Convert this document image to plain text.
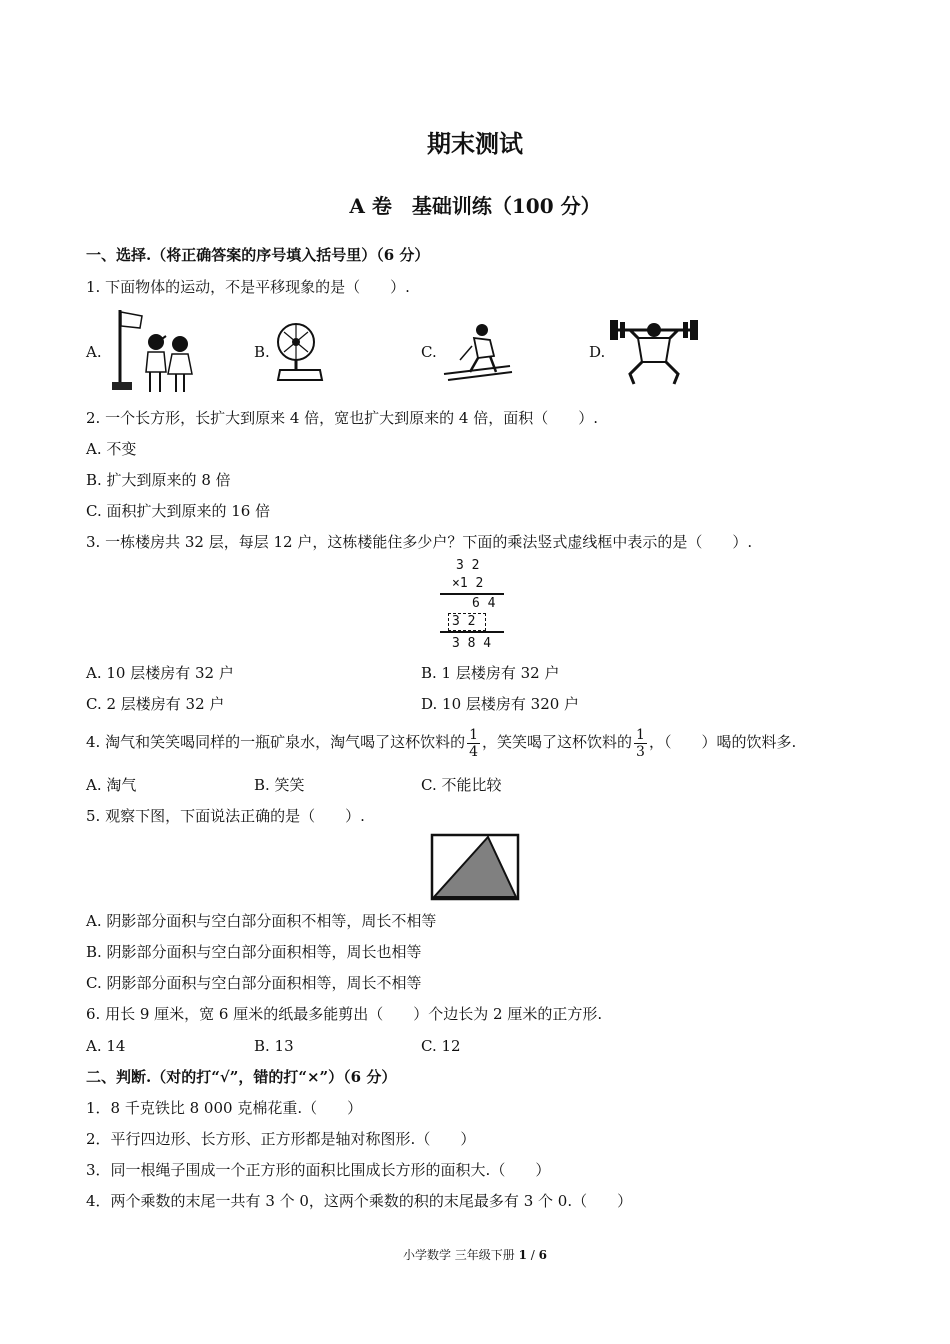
期末测试
A 卷　基础训练（100 分）
一、选择.（将正确答案的序号填入括号里）（6 分）
1. 下面物体的运动，不是平移现象的是（　　）.
A.	B.	C.	D.
2. 一个长方形，长扩大到原来 4 倍，宽也扩大到原来的 4 倍，面积（　　）.
A. 不变
B. 扩大到原来的 8 倍
C. 面积扩大到原来的 16 倍
3. 一栋楼房共 32 层，每层 12 户，这栋楼能住多少户？下面的乘法竖式虚线框中表示的是（　　）.
3 2
×1 2
6 4
3 2
3 8 4
A. 10 层楼房有 32 户	B. 1 层楼房有 32 户
C. 2 层楼房有 32 户	D. 10 层楼房有 320 户
4. 淘气和笑笑喝同样的一瓶矿泉水，淘气喝了这杯饮料的 $\frac{1}{4}$ ，笑笑喝了这杯饮料的 $\frac{1}{3}$ ，（　　）喝的饮料多.
A. 淘气	B. 笑笑	C. 不能比较
5. 观察下图，下面说法正确的是（　　）.
A. 阴影部分面积与空白部分面积不相等，周长不相等
B. 阴影部分面积与空白部分面积相等，周长也相等
C. 阴影部分面积与空白部分面积相等，周长不相等
6. 用长 9 厘米，宽 6 厘米的纸最多能剪出（　　）个边长为 2 厘米的正方形.
A. 14	B. 13	C. 12
二、判断.（对的打“√”，错的打“×”）（6 分）
1．8 千克铁比 8 000 克棉花重.（　　）
2．平行四边形、长方形、正方形都是轴对称图形.（　　）
3．同一根绳子围成一个正方形的面积比围成长方形的面积大.（　　）
4．两个乘数的末尾一共有 3 个 0，这两个乘数的积的末尾最多有 3 个 0.（　　）
小学数学 三年级下册 1 / 6
